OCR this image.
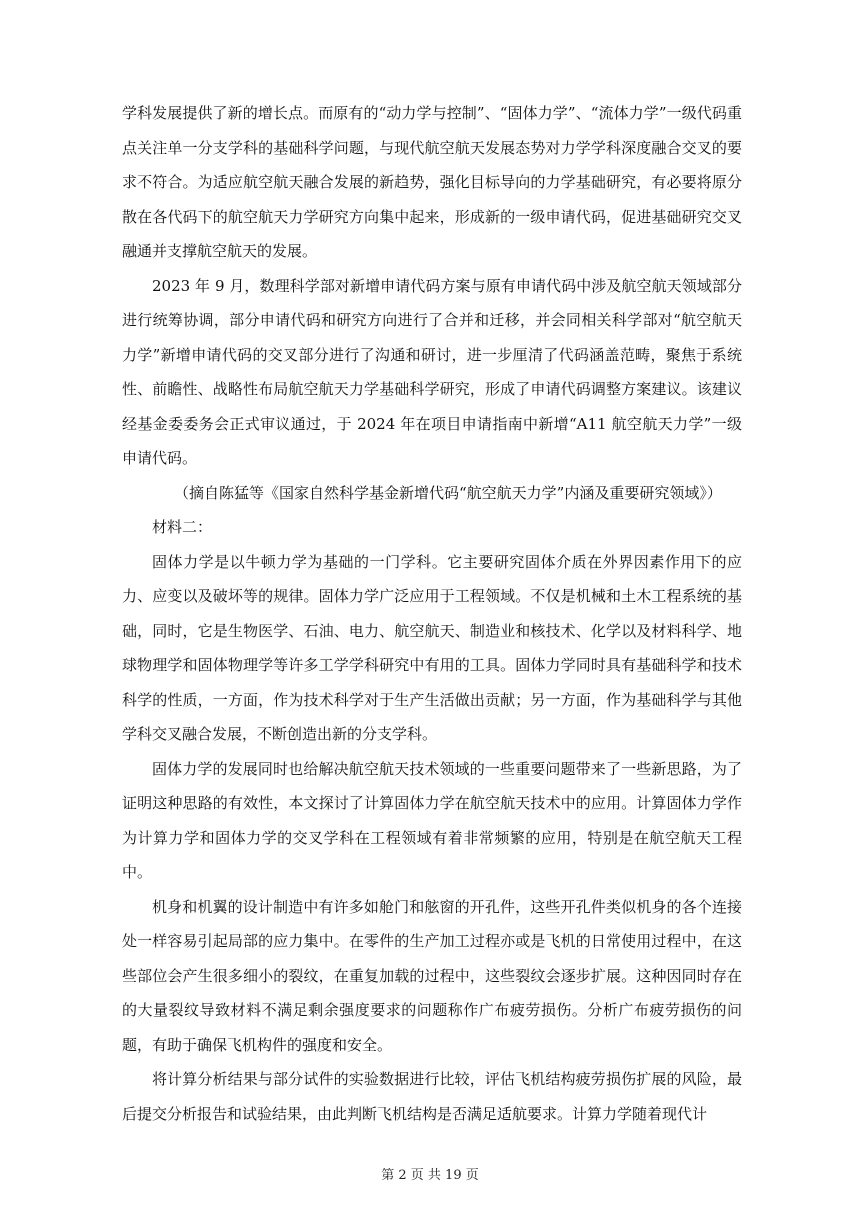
学科发展提供了新的增长点。而原有的“动力学与控制”、“固体力学”、“流体力学”一级代码重点关注单一分支学科的基础科学问题，与现代航空航天发展态势对力学学科深度融合交叉的要求不符合。为适应航空航天融合发展的新趋势，强化目标导向的力学基础研究，有必要将原分散在各代码下的航空航天力学研究方向集中起来，形成新的一级申请代码，促进基础研究交叉融通并支撑航空航天的发展。

2023 年 9 月，数理科学部对新增申请代码方案与原有申请代码中涉及航空航天领域部分进行统筹协调，部分申请代码和研究方向进行了合并和迁移，并会同相关科学部对“航空航天力学”新增申请代码的交叉部分进行了沟通和研讨，进一步厘清了代码涵盖范畴，聚焦于系统性、前瞻性、战略性布局航空航天力学基础科学研究，形成了申请代码调整方案建议。该建议经基金委委务会正式审议通过，于 2024 年在项目申请指南中新增“A11 航空航天力学”一级申请代码。

（摘自陈猛等《国家自然科学基金新增代码“航空航天力学”内涵及重要研究领域》）

材料二：

固体力学是以牛顿力学为基础的一门学科。它主要研究固体介质在外界因素作用下的应力、应变以及破坏等的规律。固体力学广泛应用于工程领域。不仅是机械和土木工程系统的基础，同时，它是生物医学、石油、电力、航空航天、制造业和核技术、化学以及材料科学、地球物理学和固体物理学等许多工学学科研究中有用的工具。固体力学同时具有基础科学和技术科学的性质，一方面，作为技术科学对于生产生活做出贡献；另一方面，作为基础科学与其他学科交叉融合发展，不断创造出新的分支学科。

固体力学的发展同时也给解决航空航天技术领域的一些重要问题带来了一些新思路，为了证明这种思路的有效性，本文探讨了计算固体力学在航空航天技术中的应用。计算固体力学作为计算力学和固体力学的交叉学科在工程领域有着非常频繁的应用，特别是在航空航天工程中。

机身和机翼的设计制造中有许多如舱门和舷窗的开孔件，这些开孔件类似机身的各个连接处一样容易引起局部的应力集中。在零件的生产加工过程亦或是飞机的日常使用过程中，在这些部位会产生很多细小的裂纹，在重复加载的过程中，这些裂纹会逐步扩展。这种因同时存在的大量裂纹导致材料不满足剩余强度要求的问题称作广布疲劳损伤。分析广布疲劳损伤的问题，有助于确保飞机构件的强度和安全。

将计算分析结果与部分试件的实验数据进行比较，评估飞机结构疲劳损伤扩展的风险，最后提交分析报告和试验结果，由此判断飞机结构是否满足适航要求。计算力学随着现代计

第 2 页 共 19 页
